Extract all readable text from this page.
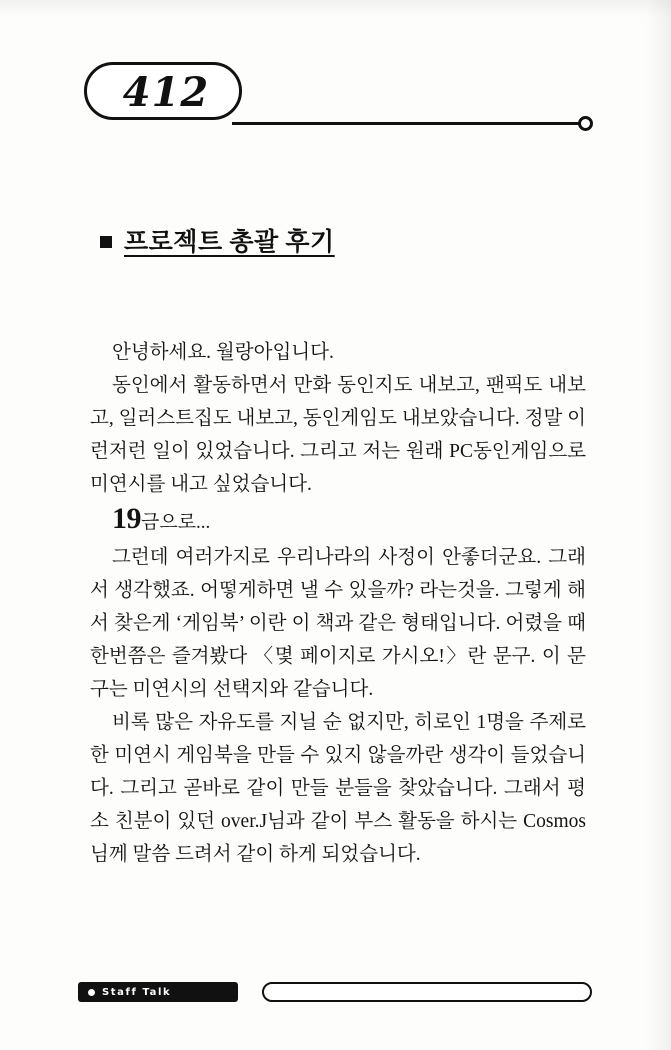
412
프로젝트 총괄 후기

안녕하세요. 월랑아입니다.

동인에서 활동하면서 만화 동인지도 내보고, 팬픽도 내보고, 일러스트집도 내보고, 동인게임도 내보았습니다. 정말 이런저런 일이 있었습니다. 그리고 저는 원래 PC동인게임으로 미연시를 내고 싶었습니다.

19금으로...

그런데 여러가지로 우리나라의 사정이 안좋더군요. 그래서 생각했죠. 어떻게하면 낼 수 있을까? 라는것을. 그렇게 해서 찾은게 ‘게임북’ 이란 이 책과 같은 형태입니다. 어렸을 때 한번쯤은 즐겨봤다 〈몇 페이지로 가시오!〉란 문구. 이 문구는 미연시의 선택지와 같습니다.

비록 많은 자유도를 지닐 순 없지만, 히로인 1명을 주제로 한 미연시 게임북을 만들 수 있지 않을까란 생각이 들었습니다. 그리고 곧바로 같이 만들 분들을 찾았습니다. 그래서 평소 친분이 있던 over.J님과 같이 부스 활동을 하시는 Cosmos님께 말씀 드려서 같이 하게 되었습니다.

Staff Talk
